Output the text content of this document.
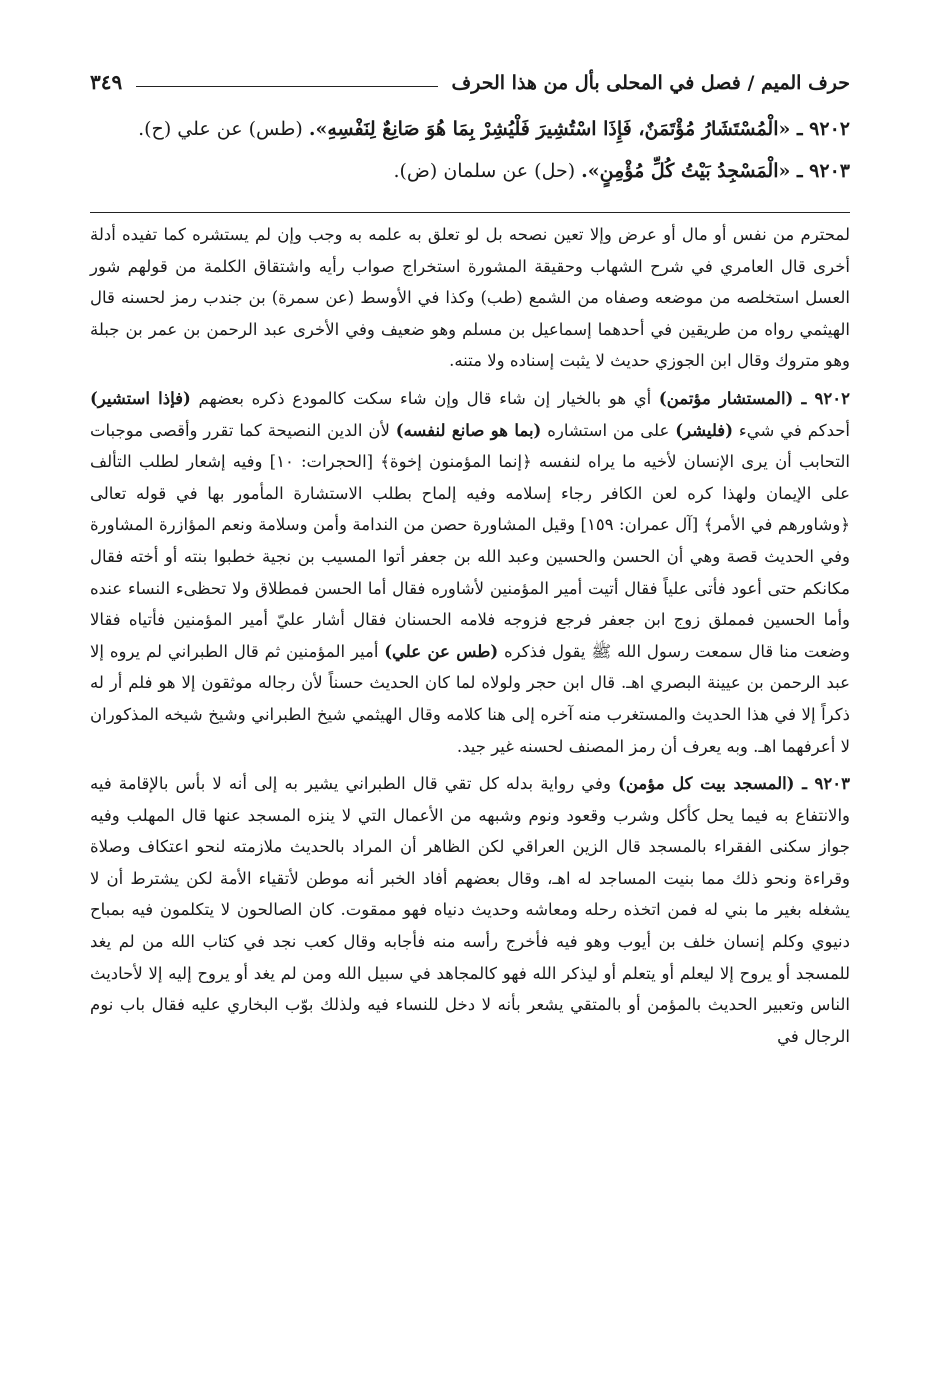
حرف الميم / فصل في المحلى بأل من هذا الحرف
٣٤٩

٩٢٠٢ ـ «الْمُسْتَشَارُ مُؤْتَمَنٌ، فَإِذَا اسْتُشِيرَ فَلْيُشِرْ بِمَا هُوَ صَانِعٌ لِنَفْسِهِ». (طس) عن علي (ح).

٩٢٠٣ ـ «الْمَسْجِدُ بَيْتُ كُلِّ مُؤْمِنٍ». (حل) عن سلمان (ض).

لمحترم من نفس أو مال أو عرض وإلا تعين نصحه بل لو تعلق به علمه به وجب وإن لم يستشره كما تفيده أدلة أخرى قال العامري في شرح الشهاب وحقيقة المشورة استخراج صواب رأيه واشتقاق الكلمة من قولهم شور العسل استخلصه من موضعه وصفاه من الشمع (طب) وكذا في الأوسط (عن سمرة) بن جندب رمز لحسنه قال الهيثمي رواه من طريقين في أحدهما إسماعيل بن مسلم وهو ضعيف وفي الأخرى عبد الرحمن بن عمر بن جبلة وهو متروك وقال ابن الجوزي حديث لا يثبت إسناده ولا متنه.

٩٢٠٢ ـ (المستشار مؤتمن) أي هو بالخيار إن شاء قال وإن شاء سكت كالمودع ذكره بعضهم (فإذا استشير) أحدكم في شيء (فليشر) على من استشاره (بما هو صانع لنفسه) لأن الدين النصيحة كما تقرر وأقصى موجبات التحابب أن يرى الإنسان لأخيه ما يراه لنفسه ﴿إنما المؤمنون إخوة﴾ [الحجرات: ١٠] وفيه إشعار لطلب التألف على الإيمان ولهذا كره لعن الكافر رجاء إسلامه وفيه إلماح بطلب الاستشارة المأمور بها في قوله تعالى ﴿وشاورهم في الأمر﴾ [آل عمران: ١٥٩] وقيل المشاورة حصن من الندامة وأمن وسلامة ونعم المؤازرة المشاورة وفي الحديث قصة وهي أن الحسن والحسين وعبد الله بن جعفر أتوا المسيب بن نجية خطبوا بنته أو أخته فقال مكانكم حتى أعود فأتى علياً فقال أتيت أمير المؤمنين لأشاوره فقال أما الحسن فمطلاق ولا تحظىء النساء عنده وأما الحسين فمملق زوج ابن جعفر فرجع فزوجه فلامه الحسنان فقال أشار عليّ أمير المؤمنين فأتياه فقالا وضعت منا قال سمعت رسول الله ﷺ يقول فذكره (طس عن علي) أمير المؤمنين ثم قال الطبراني لم يروه إلا عبد الرحمن بن عيينة البصري اهـ. قال ابن حجر ولولاه لما كان الحديث حسناً لأن رجاله موثقون إلا هو فلم أر له ذكراً إلا في هذا الحديث والمستغرب منه آخره إلى هنا كلامه وقال الهيثمي شيخ الطبراني وشيخ شيخه المذكوران لا أعرفهما اهـ. وبه يعرف أن رمز المصنف لحسنه غير جيد.

٩٢٠٣ ـ (المسجد بيت كل مؤمن) وفي رواية بدله كل تقي قال الطبراني يشير به إلى أنه لا بأس بالإقامة فيه والانتفاع به فيما يحل كأكل وشرب وقعود ونوم وشبهه من الأعمال التي لا ينزه المسجد عنها قال المهلب وفيه جواز سكنى الفقراء بالمسجد قال الزين العراقي لكن الظاهر أن المراد بالحديث ملازمته لنحو اعتكاف وصلاة وقراءة ونحو ذلك مما بنيت المساجد له اهـ، وقال بعضهم أفاد الخبر أنه موطن لأتقياء الأمة لكن يشترط أن لا يشغله بغير ما بني له فمن اتخذه رحله ومعاشه وحديث دنياه فهو ممقوت. كان الصالحون لا يتكلمون فيه بمباح دنيوي وكلم إنسان خلف بن أيوب وهو فيه فأخرج رأسه منه فأجابه وقال كعب نجد في كتاب الله من لم يغد للمسجد أو يروح إلا ليعلم أو يتعلم أو ليذكر الله فهو كالمجاهد في سبيل الله ومن لم يغد أو يروح إليه إلا لأحاديث الناس وتعبير الحديث بالمؤمن أو بالمتقي يشعر بأنه لا دخل للنساء فيه ولذلك بوّب البخاري عليه فقال باب نوم الرجال في
